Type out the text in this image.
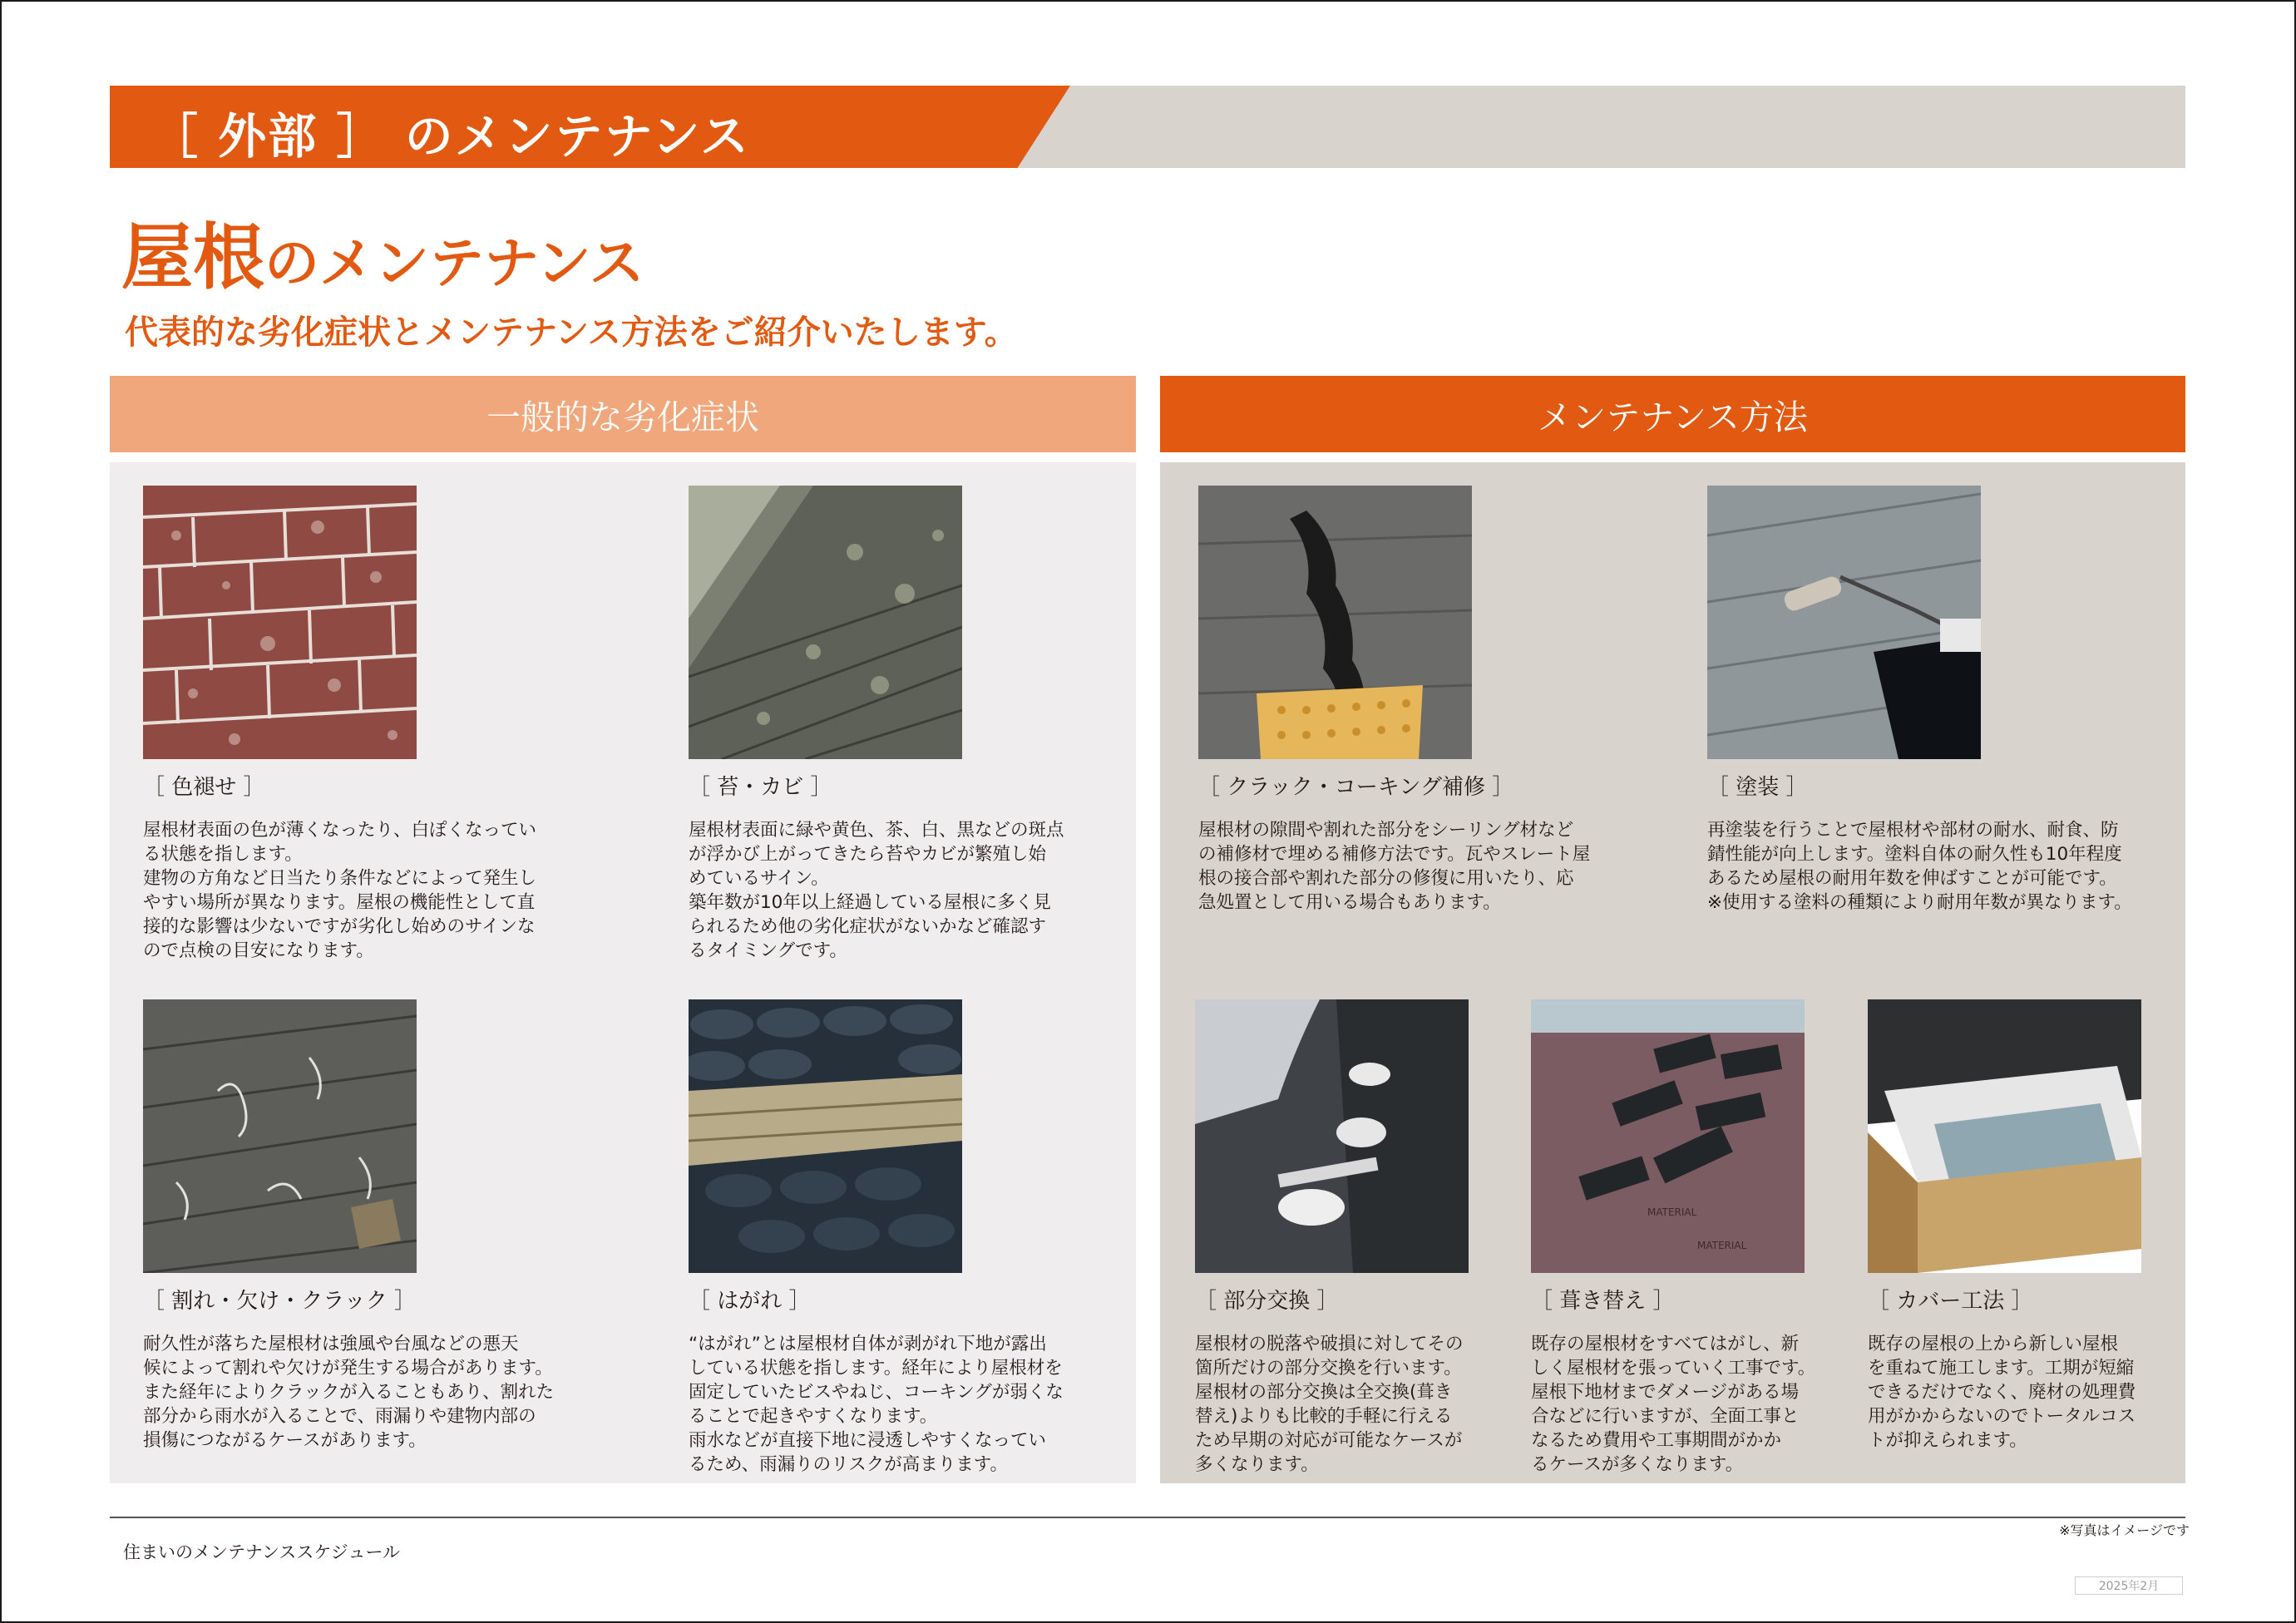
［ 外部 ］ のメンテナンス
屋根のメンテナンス
代表的な劣化症状とメンテナンス方法をご紹介いたします。
一般的な劣化症状	メンテナンス方法
［ 色褪せ ］
屋根材表面の色が薄くなったり、白ぽくなってい
る状態を指します。
建物の方角など日当たり条件などによって発生し
やすい場所が異なります。屋根の機能性として直
接的な影響は少ないですが劣化し始めのサインな
ので点検の目安になります。
［ 苔・カビ ］
屋根材表面に緑や黄色、茶、白、黒などの斑点
が浮かび上がってきたら苔やカビが繁殖し始
めているサイン。
築年数が10年以上経過している屋根に多く見
られるため他の劣化症状がないかなど確認す
るタイミングです。
［ 割れ・欠け・クラック ］
耐久性が落ちた屋根材は強風や台風などの悪天
候によって割れや欠けが発生する場合があります。
また経年によりクラックが入ることもあり、割れた
部分から雨水が入ることで、雨漏りや建物内部の
損傷につながるケースがあります。
［ はがれ ］
“はがれ”とは屋根材自体が剥がれ下地が露出
している状態を指します。経年により屋根材を
固定していたビスやねじ、コーキングが弱くな
ることで起きやすくなります。
雨水などが直接下地に浸透しやすくなってい
るため、雨漏りのリスクが高まります。
［ クラック・コーキング補修 ］
屋根材の隙間や割れた部分をシーリング材など
の補修材で埋める補修方法です。瓦やスレート屋
根の接合部や割れた部分の修復に用いたり、応
急処置として用いる場合もあります。
［ 塗装 ］
再塗装を行うことで屋根材や部材の耐水、耐食、防
錆性能が向上します。塗料自体の耐久性も10年程度
あるため屋根の耐用年数を伸ばすことが可能です。
※使用する塗料の種類により耐用年数が異なります。
［ 部分交換 ］
屋根材の脱落や破損に対してその
箇所だけの部分交換を行います。
屋根材の部分交換は全交換(葺き
替え)よりも比較的手軽に行える
ため早期の対応が可能なケースが
多くなります。
MATERIAL
MATERIAL
［ 葺き替え ］
既存の屋根材をすべてはがし、新
しく屋根材を張っていく工事です。
屋根下地材までダメージがある場
合などに行いますが、全面工事と
なるため費用や工事期間がかか
るケースが多くなります。
［ カバー工法 ］
既存の屋根の上から新しい屋根
を重ねて施工します。工期が短縮
できるだけでなく、廃材の処理費
用がかからないのでトータルコス
トが抑えられます。
※写真はイメージです
住まいのメンテナンススケジュール
2025年2月
